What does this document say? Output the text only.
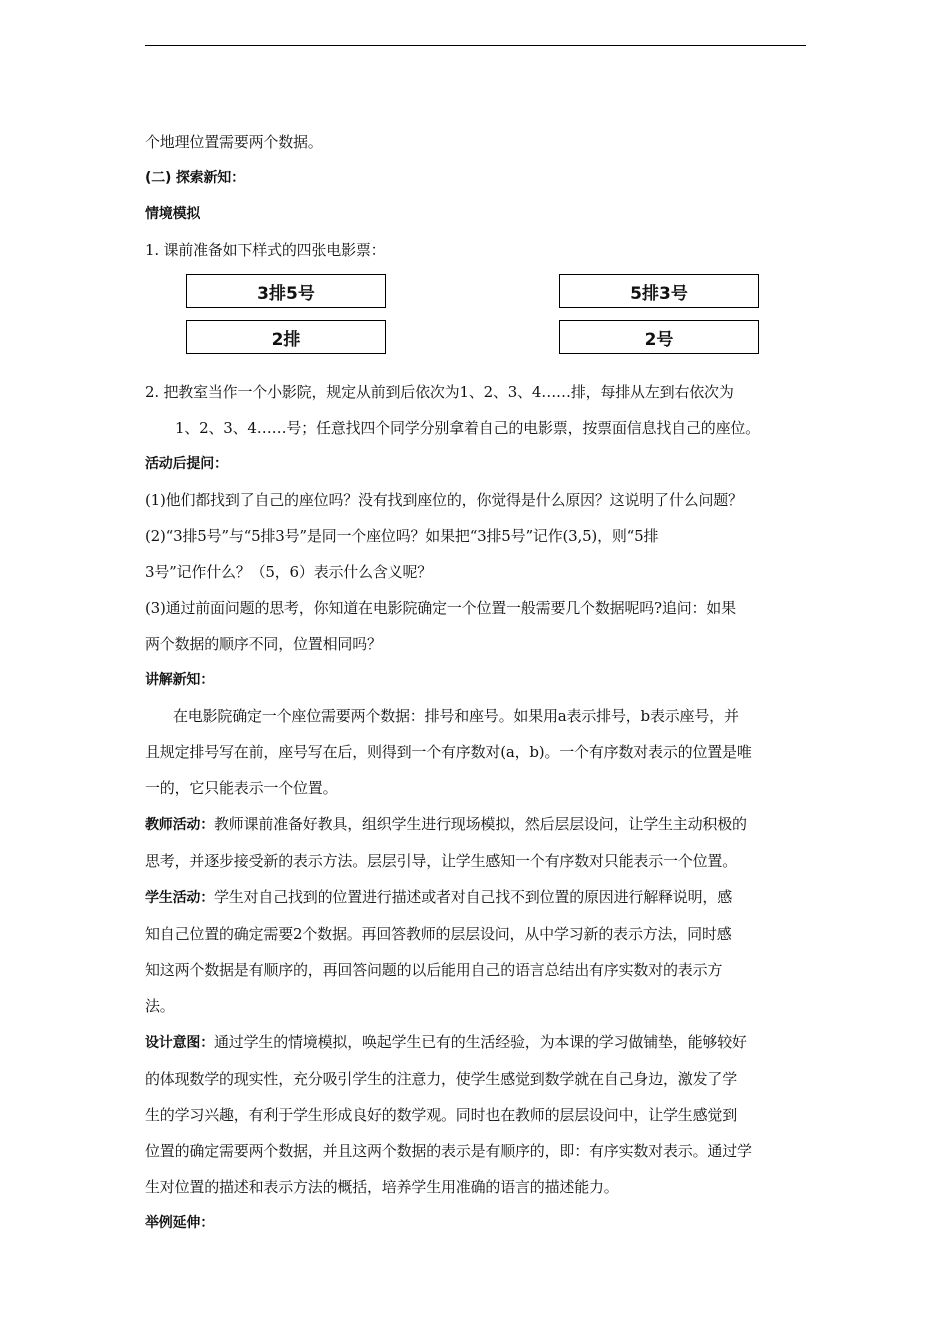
个地理位置需要两个数据。

(二) 探索新知：

情境模拟

1. 课前准备如下样式的四张电影票：

3排5号
2排
5排3号
2号

2. 把教室当作一个小影院，规定从前到后依次为1、2、3、4……排，每排从左到右依次为

1、2、3、4……号；任意找四个同学分别拿着自己的电影票，按票面信息找自己的座位。

活动后提问：

(1)他们都找到了自己的座位吗？没有找到座位的，你觉得是什么原因？这说明了什么问题？

(2)“3排5号”与“5排3号”是同一个座位吗？如果把“3排5号”记作(3,5)，则“5排

3号”记作什么？（5，6）表示什么含义呢？

(3)通过前面问题的思考，你知道在电影院确定一个位置一般需要几个数据呢吗?追问：如果

两个数据的顺序不同，位置相同吗？

讲解新知：

在电影院确定一个座位需要两个数据：排号和座号。如果用a表示排号，b表示座号，并

且规定排号写在前，座号写在后，则得到一个有序数对(a，b)。一个有序数对表示的位置是唯

一的，它只能表示一个位置。

教师活动：教师课前准备好教具，组织学生进行现场模拟，然后层层设问，让学生主动积极的

思考，并逐步接受新的表示方法。层层引导，让学生感知一个有序数对只能表示一个位置。

学生活动：学生对自己找到的位置进行描述或者对自己找不到位置的原因进行解释说明，感

知自己位置的确定需要2个数据。再回答教师的层层设问，从中学习新的表示方法，同时感

知这两个数据是有顺序的，再回答问题的以后能用自己的语言总结出有序实数对的表示方

法。

设计意图：通过学生的情境模拟，唤起学生已有的生活经验，为本课的学习做铺垫，能够较好

的体现数学的现实性，充分吸引学生的注意力，使学生感觉到数学就在自己身边，激发了学

生的学习兴趣，有利于学生形成良好的数学观。同时也在教师的层层设问中，让学生感觉到

位置的确定需要两个数据，并且这两个数据的表示是有顺序的，即：有序实数对表示。通过学

生对位置的描述和表示方法的概括，培养学生用准确的语言的描述能力。

举例延伸：
